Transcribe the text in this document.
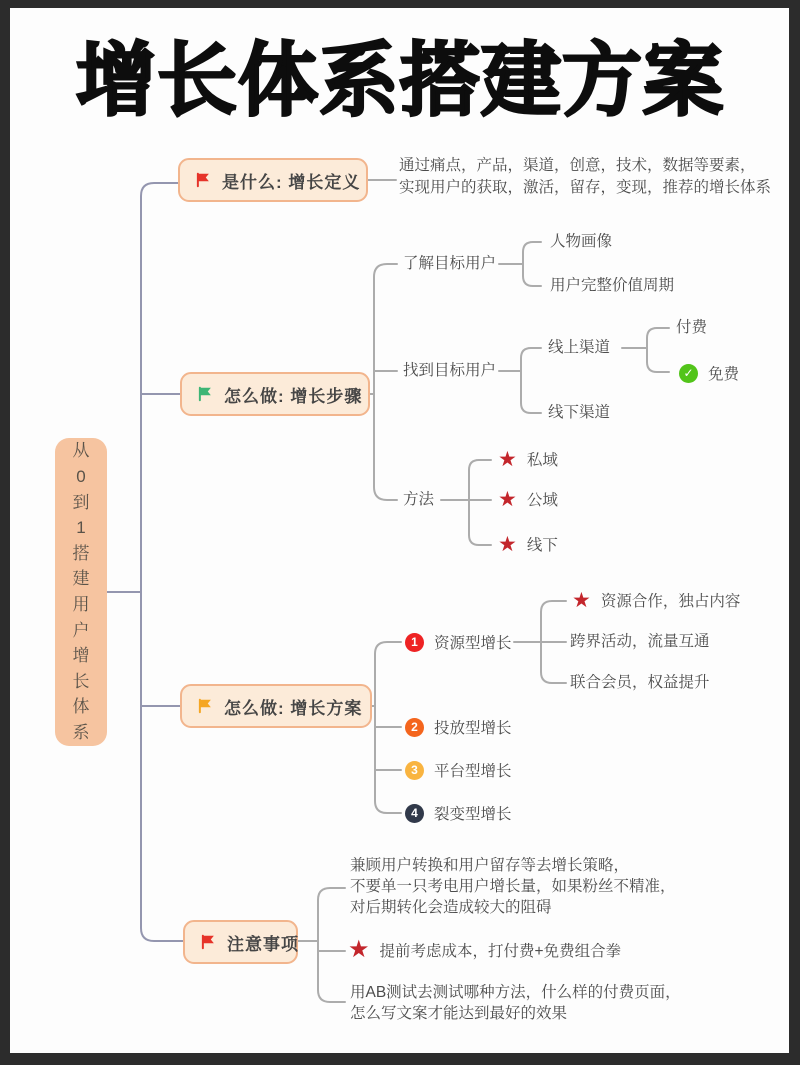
增长体系搭建方案
从0到1搭建用户增长体系
是什么: 增长定义
通过痛点，产品，渠道，创意，技术，数据等要素，
实现用户的获取，激活，留存，变现，推荐的增长体系
怎么做: 增长步骤
了解目标用户
人物画像
用户完整价值周期
找到目标用户
线上渠道
付费
✓ 免费
线下渠道
方法
★ 私域
★ 公域
★ 线下
怎么做: 增长方案
1	资源型增长
2	投放型增长
3	平台型增长
4	裂变型增长
★ 资源合作，独占内容
跨界活动，流量互通
联合会员，权益提升
注意事项
兼顾用户转换和用户留存等去增长策略，
不要单一只考电用户增长量，如果粉丝不精准，
对后期转化会造成较大的阻碍
★ 提前考虑成本，打付费+免费组合拳
用AB测试去测试哪种方法，什么样的付费页面，
怎么写文案才能达到最好的效果
